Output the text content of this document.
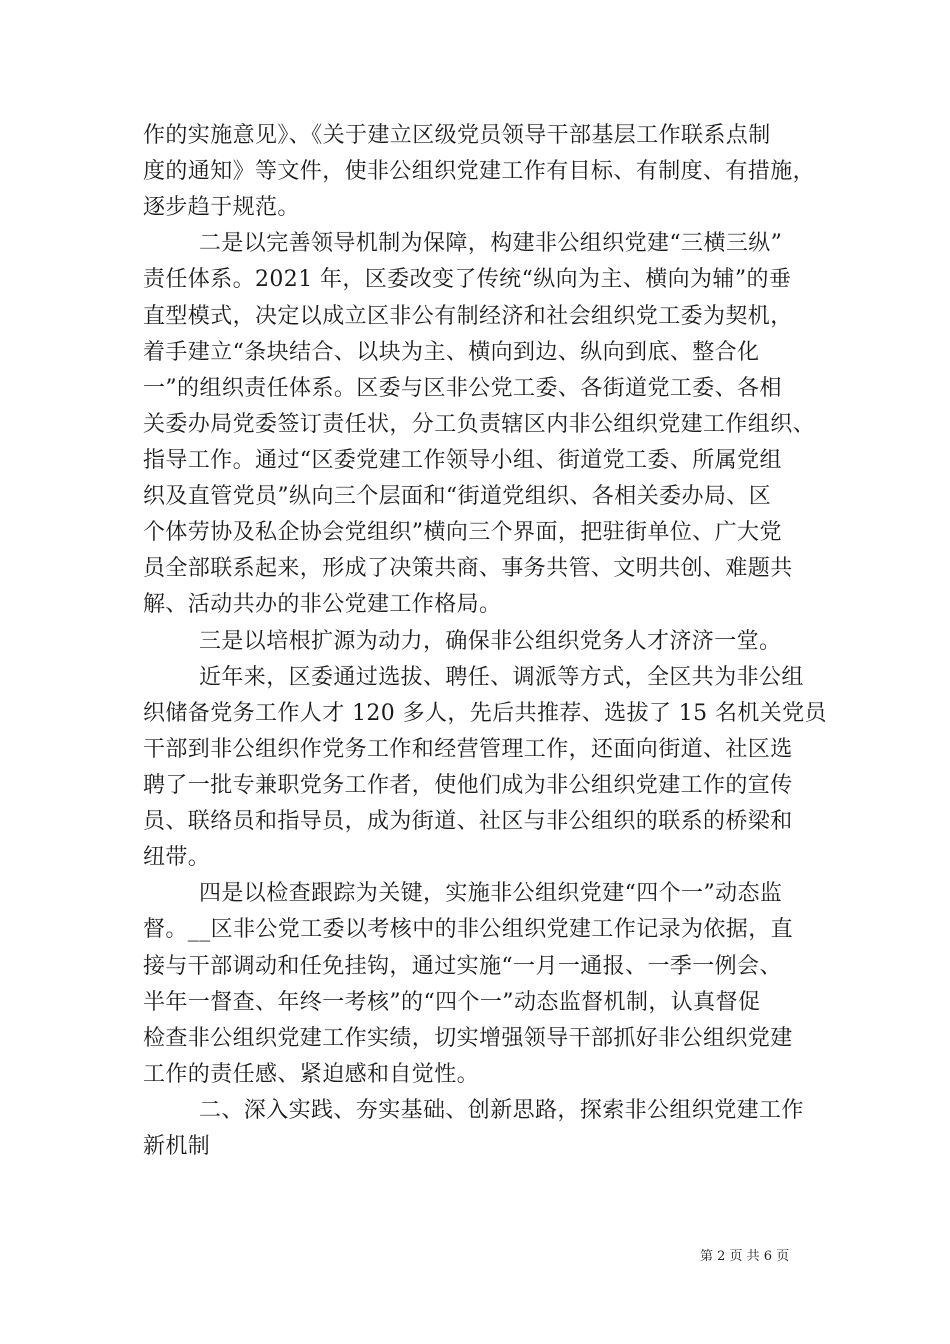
作的实施意见》、《关于建立区级党员领导干部基层工作联系点制
度的通知》等文件，使非公组织党建工作有目标、有制度、有措施，
逐步趋于规范。
二是以完善领导机制为保障，构建非公组织党建“三横三纵”
责任体系。2021 年，区委改变了传统“纵向为主、横向为辅”的垂
直型模式，决定以成立区非公有制经济和社会组织党工委为契机，
着手建立“条块结合、以块为主、横向到边、纵向到底、整合化
一”的组织责任体系。区委与区非公党工委、各街道党工委、各相
关委办局党委签订责任状，分工负责辖区内非公组织党建工作组织、
指导工作。通过“区委党建工作领导小组、街道党工委、所属党组
织及直管党员”纵向三个层面和“街道党组织、各相关委办局、区
个体劳协及私企协会党组织”横向三个界面，把驻街单位、广大党
员全部联系起来，形成了决策共商、事务共管、文明共创、难题共
解、活动共办的非公党建工作格局。
三是以培根扩源为动力，确保非公组织党务人才济济一堂。
近年来，区委通过选拔、聘任、调派等方式，全区共为非公组
织储备党务工作人才 120 多人，先后共推荐、选拔了 15 名机关党员
干部到非公组织作党务工作和经营管理工作，还面向街道、社区选
聘了一批专兼职党务工作者，使他们成为非公组织党建工作的宣传
员、联络员和指导员，成为街道、社区与非公组织的联系的桥梁和
纽带。
四是以检查跟踪为关键，实施非公组织党建“四个一”动态监
督。__区非公党工委以考核中的非公组织党建工作记录为依据，直
接与干部调动和任免挂钩，通过实施“一月一通报、一季一例会、
半年一督查、年终一考核”的“四个一”动态监督机制，认真督促
检查非公组织党建工作实绩，切实增强领导干部抓好非公组织党建
工作的责任感、紧迫感和自觉性。
二、深入实践、夯实基础、创新思路，探索非公组织党建工作
新机制
第 2 页 共 6 页
